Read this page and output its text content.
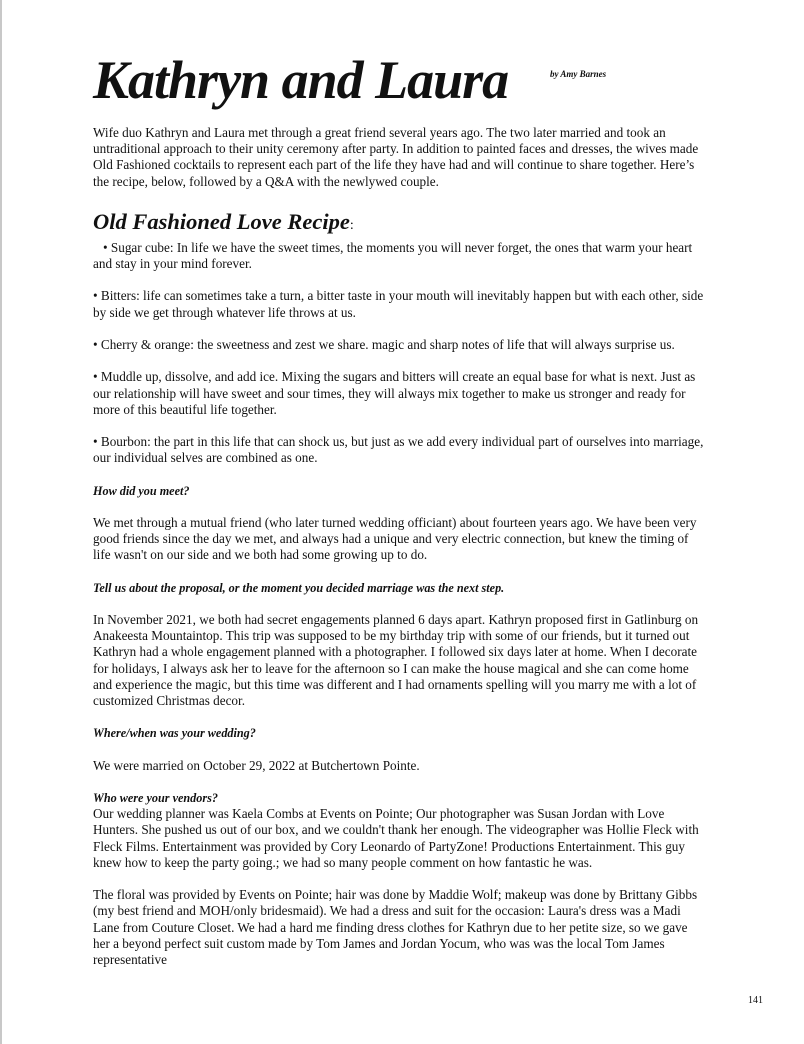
Kathryn and Laura	by Amy Barnes

Wife duo Kathryn and Laura met through a great friend several years ago. The two later married and took an untraditional approach to their unity ceremony after party. In addition to painted faces and dresses, the wives made Old Fashioned cocktails to represent each part of the life they have had and will continue to share together. Here’s the recipe, below, followed by a Q&A with the newlywed couple.

Old Fashioned Love Recipe:

• Sugar cube: In life we have the sweet times, the moments you will never forget, the ones that warm your heart and stay in your mind forever.

• Bitters: life can sometimes take a turn, a bitter taste in your mouth will inevitably happen but with each other, side by side we get through whatever life throws at us.

• Cherry & orange: the sweetness and zest we share. magic and sharp notes of life that will always surprise us.

• Muddle up, dissolve, and add ice. Mixing the sugars and bitters will create an equal base for what is next. Just as our relationship will have sweet and sour times, they will always mix together to make us stronger and ready for more of this beautiful life together.

• Bourbon: the part in this life that can shock us, but just as we add every individual part of ourselves into marriage, our individual selves are combined as one.

How did you meet?

We met through a mutual friend (who later turned wedding officiant) about fourteen years ago. We have been very good friends since the day we met, and always had a unique and very electric connection, but knew the timing of life wasn't on our side and we both had some growing up to do.

Tell us about the proposal, or the moment you decided marriage was the next step.

In November 2021, we both had secret engagements planned 6 days apart. Kathryn proposed first in Gatlinburg on Anakeesta Mountaintop. This trip was supposed to be my birthday trip with some of our friends, but it turned out Kathryn had a whole engagement planned with a photographer. I followed six days later at home. When I decorate for holidays, I always ask her to leave for the afternoon so I can make the house magical and she can come home and experience the magic, but this time was different and I had ornaments spelling will you marry me with a lot of customized Christmas decor.

Where/when was your wedding?

We were married on October 29, 2022 at Butchertown Pointe.

Who were your vendors?

Our wedding planner was Kaela Combs at Events on Pointe; Our photographer was Susan Jordan with Love Hunters. She pushed us out of our box, and we couldn't thank her enough. The videographer was Hollie Fleck with Fleck Films. Entertainment was provided by Cory Leonardo of PartyZone! Productions Entertainment. This guy knew how to keep the party going.; we had so many people comment on how fantastic he was.

The floral was provided by Events on Pointe; hair was done by Maddie Wolf; makeup was done by Brittany Gibbs (my best friend and MOH/only bridesmaid). We had a dress and suit for the occasion: Laura's dress was a Madi Lane from Couture Closet. We had a hard me finding dress clothes for Kathryn due to her petite size, so we gave her a beyond perfect suit custom made by Tom James and Jordan Yocum, who was was the local Tom James representative

141
